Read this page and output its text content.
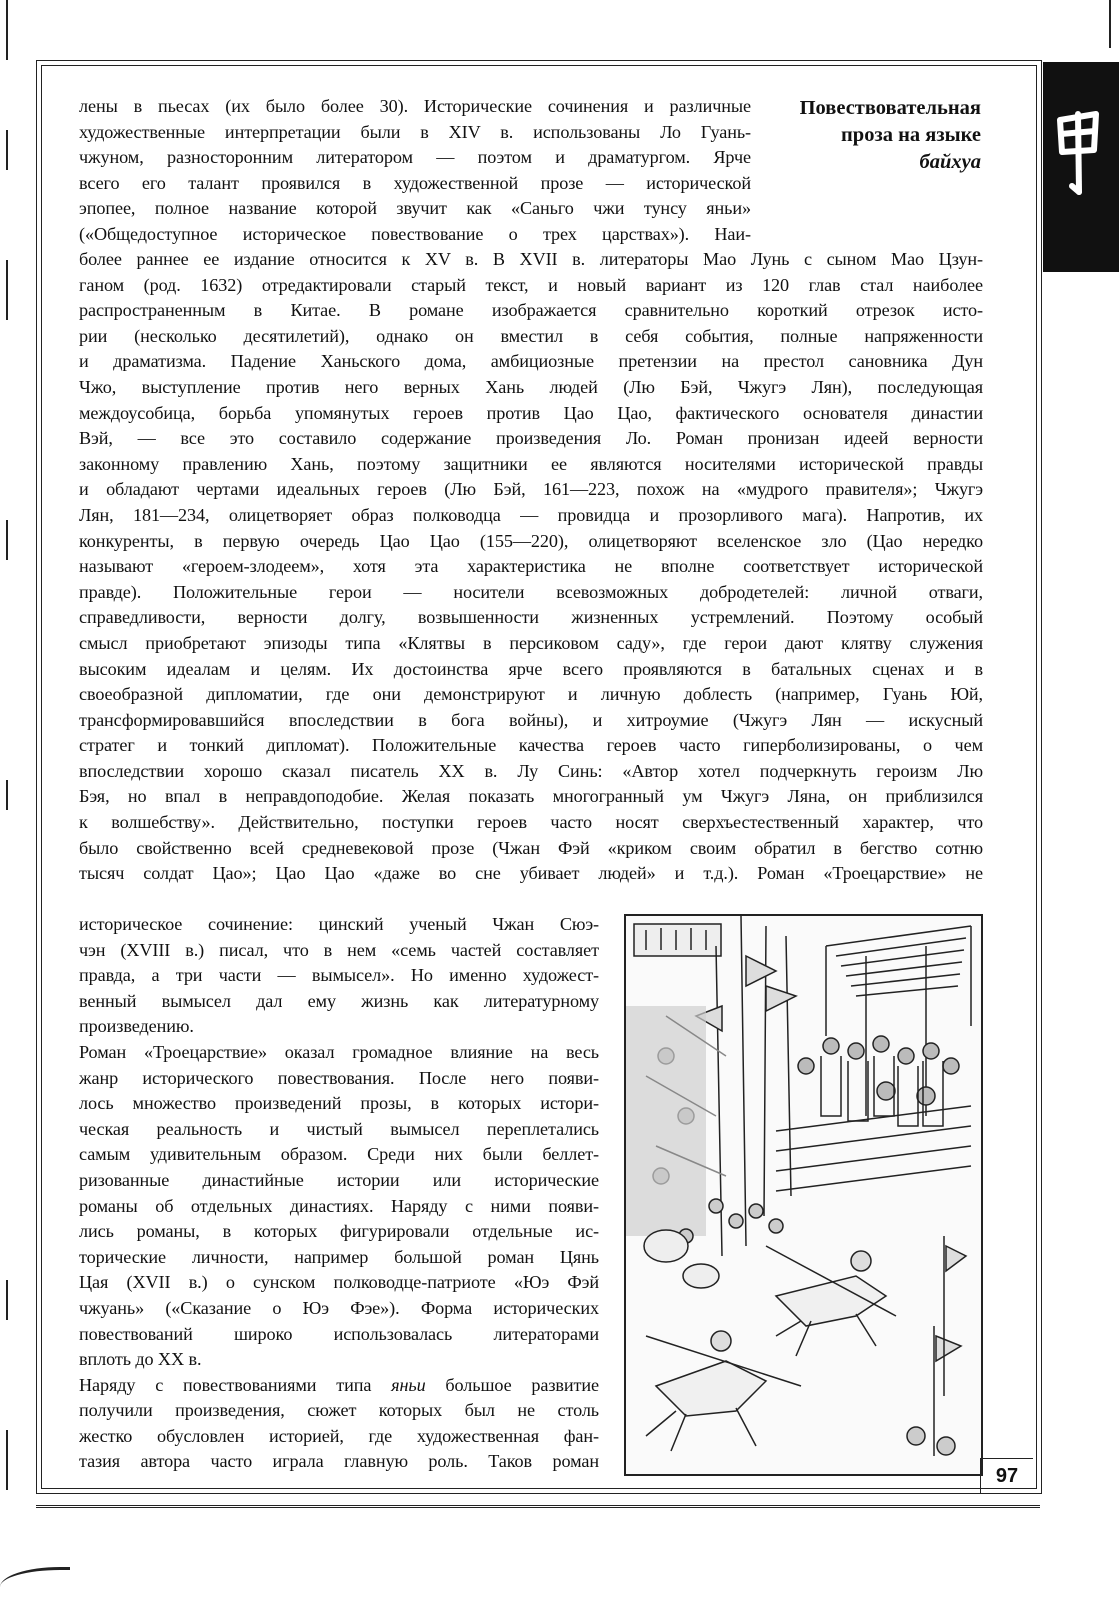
Повествовательная
проза на языке
байхуа
лены в пьесах (их было более 30). Исторические сочинения и различные
художественные интерпретации были в XIV в. использованы Ло Гуань-
чжуном, разносторонним литератором — поэтом и драматургом. Ярче
всего его талант проявился в художественной прозе — исторической
эпопее, полное название которой звучит как «Саньго чжи тунсу яньи»
(«Общедоступное историческое повествование о трех царствах»). Наи-
более раннее ее издание относится к XV в. В XVII в. литераторы Мао Лунь с сыном Мао Цзун-
ганом (род. 1632) отредактировали старый текст, и новый вариант из 120 глав стал наиболее
распространенным в Китае. В романе изображается сравнительно короткий отрезок исто-
рии (несколько десятилетий), однако он вместил в себя события, полные напряженности
и драматизма. Падение Ханьского дома, амбициозные претензии на престол сановника Дун
Чжо, выступление против него верных Хань людей (Лю Бэй, Чжугэ Лян), последующая
междоусобица, борьба упомянутых героев против Цао Цао, фактического основателя династии
Вэй, — все это составило содержание произведения Ло. Роман пронизан идеей верности
законному правлению Хань, поэтому защитники ее являются носителями исторической правды
и обладают чертами идеальных героев (Лю Бэй, 161—223, похож на «мудрого правителя»; Чжугэ
Лян, 181—234, олицетворяет образ полководца — провидца и прозорливого мага). Напротив, их
конкуренты, в первую очередь Цао Цао (155—220), олицетворяют вселенское зло (Цао нередко
называют «героем-злодеем», хотя эта характеристика не вполне соответствует исторической
правде). Положительные герои — носители всевозможных добродетелей: личной отваги,
справедливости, верности долгу, возвышенности жизненных устремлений. Поэтому особый
смысл приобретают эпизоды типа «Клятвы в персиковом саду», где герои дают клятву служения
высоким идеалам и целям. Их достоинства ярче всего проявляются в батальных сценах и в
своеобразной дипломатии, где они демонстрируют и личную доблесть (например, Гуань Юй,
трансформировавшийся впоследствии в бога войны), и хитроумие (Чжугэ Лян — искусный
стратег и тонкий дипломат). Положительные качества героев часто гиперболизированы, о чем
впоследствии хорошо сказал писатель XX в. Лу Синь: «Автор хотел подчеркнуть героизм Лю
Бэя, но впал в неправдоподобие. Желая показать многогранный ум Чжугэ Ляна, он приблизился
к волшебству». Действительно, поступки героев часто носят сверхъестественный характер, что
было свойственно всей средневековой прозе (Чжан Фэй «криком своим обратил в бегство сотню
тысяч солдат Цао»; Цао Цао «даже во сне убивает людей» и т.д.). Роман «Троецарствие» не
историческое сочинение: цинский ученый Чжан Сюэ-
чэн (XVIII в.) писал, что в нем «семь частей составляет
правда, а три части — вымысел». Но именно художест-
венный вымысел дал ему жизнь как литературному
произведению.
Роман «Троецарствие» оказал громадное влияние на весь
жанр исторического повествования. После него появи-
лось множество произведений прозы, в которых истори-
ческая реальность и чистый вымысел переплетались
самым удивительным образом. Среди них были беллет-
ризованные династийные истории или исторические
романы об отдельных династиях. Наряду с ними появи-
лись романы, в которых фигурировали отдельные ис-
торические личности, например большой роман Цянь
Цая (XVII в.) о сунском полководце-патриоте «Юэ Фэй
чжуань» («Сказание о Юэ Фэе»). Форма исторических
повествований широко использовалась литераторами
вплоть до XX в.
Наряду с повествованиями типа яньи большое развитие
получили произведения, сюжет которых был не столь
жестко обусловлен историей, где художественная фан-
тазия автора часто играла главную роль. Таков роман
97
